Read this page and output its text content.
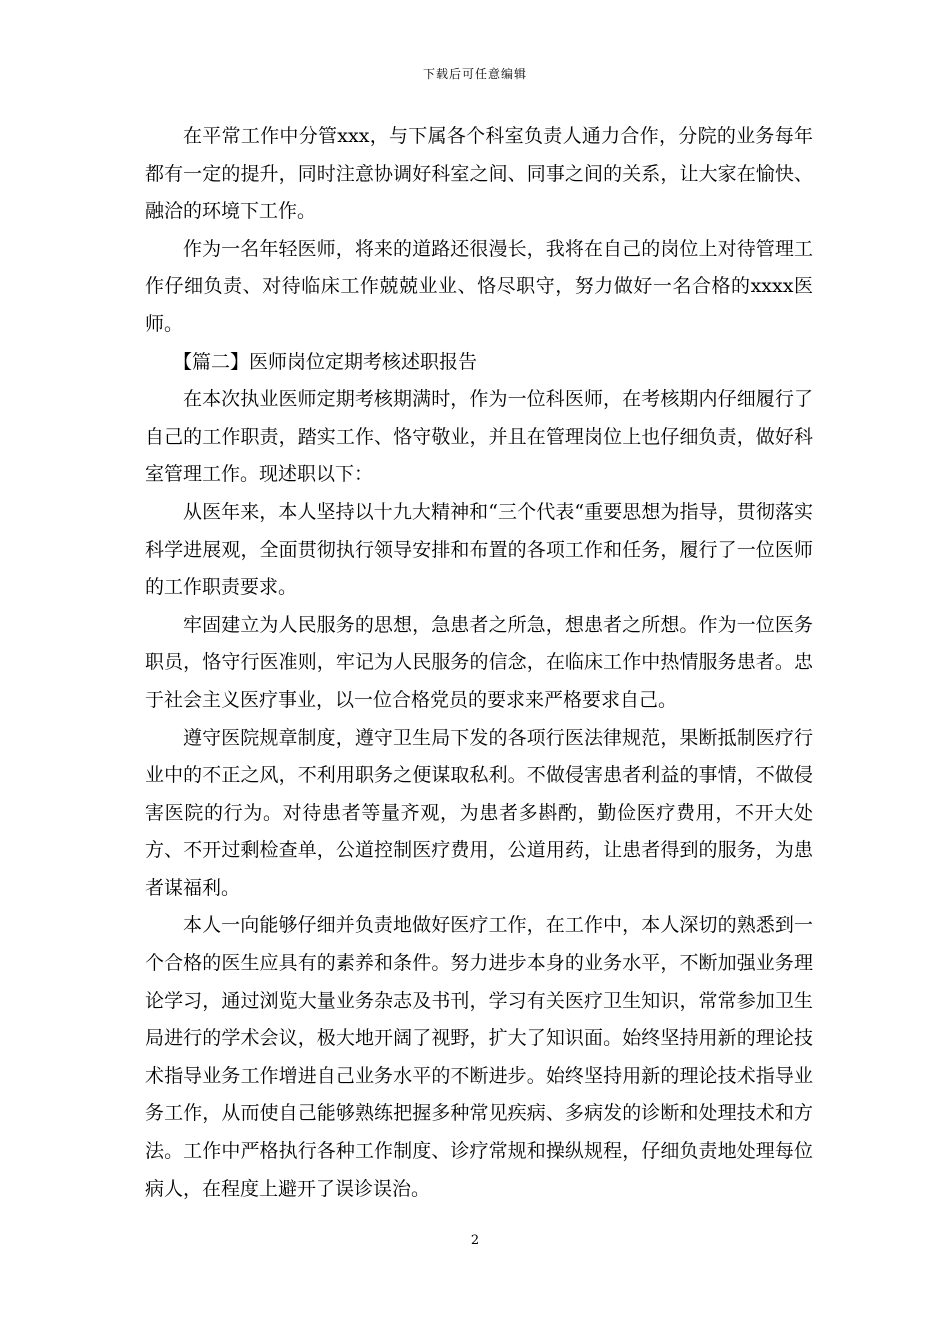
下载后可任意编辑

在平常工作中分管xxx，与下属各个科室负责人通力合作，分院的业务每年都有一定的提升，同时注意协调好科室之间、同事之间的关系，让大家在愉快、融洽的环境下工作。

作为一名年轻医师，将来的道路还很漫长，我将在自己的岗位上对待管理工作仔细负责、对待临床工作兢兢业业、恪尽职守，努力做好一名合格的xxxx医师。

【篇二】医师岗位定期考核述职报告

在本次执业医师定期考核期满时，作为一位科医师，在考核期内仔细履行了自己的工作职责，踏实工作、恪守敬业，并且在管理岗位上也仔细负责，做好科室管理工作。现述职以下：

从医年来，本人坚持以十九大精神和“三个代表“重要思想为指导，贯彻落实科学进展观，全面贯彻执行领导安排和布置的各项工作和任务，履行了一位医师的工作职责要求。

牢固建立为人民服务的思想，急患者之所急，想患者之所想。作为一位医务职员，恪守行医准则，牢记为人民服务的信念，在临床工作中热情服务患者。忠于社会主义医疗事业，以一位合格党员的要求来严格要求自己。

遵守医院规章制度，遵守卫生局下发的各项行医法律规范，果断抵制医疗行业中的不正之风，不利用职务之便谋取私利。不做侵害患者利益的事情，不做侵害医院的行为。对待患者等量齐观，为患者多斟酌，勤俭医疗费用，不开大处方、不开过剩检查单，公道控制医疗费用，公道用药，让患者得到的服务，为患者谋福利。

本人一向能够仔细并负责地做好医疗工作，在工作中，本人深切的熟悉到一个合格的医生应具有的素养和条件。努力进步本身的业务水平，不断加强业务理论学习，通过浏览大量业务杂志及书刊，学习有关医疗卫生知识，常常参加卫生局进行的学术会议，极大地开阔了视野，扩大了知识面。始终坚持用新的理论技术指导业务工作增进自己业务水平的不断进步。始终坚持用新的理论技术指导业务工作，从而使自己能够熟练把握多种常见疾病、多病发的诊断和处理技术和方法。工作中严格执行各种工作制度、诊疗常规和操纵规程，仔细负责地处理每位病人，在程度上避开了误诊误治。

2
